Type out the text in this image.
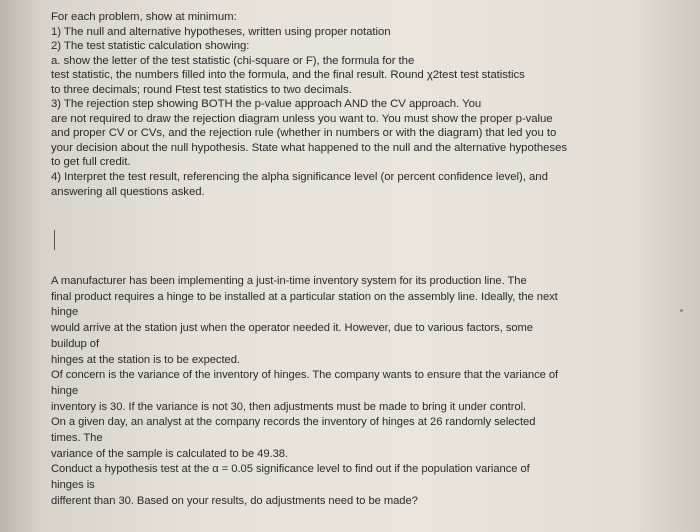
For each problem, show at minimum:
1) The null and alternative hypotheses, written using proper notation
2) The test statistic calculation showing:
a. show the letter of the test statistic (chi-square or F), the formula for the
test statistic, the numbers filled into the formula, and the final result. Round χ2test test statistics
to three decimals; round Ftest test statistics to two decimals.
3) The rejection step showing BOTH the p-value approach AND the CV approach. You
are not required to draw the rejection diagram unless you want to. You must show the proper p-value
and proper CV or CVs, and the rejection rule (whether in numbers or with the diagram) that led you to
your decision about the null hypothesis. State what happened to the null and the alternative hypotheses
to get full credit.
4) Interpret the test result, referencing the alpha significance level (or percent confidence level), and
answering all questions asked.
A manufacturer has been implementing a just-in-time inventory system for its production line. The
final product requires a hinge to be installed at a particular station on the assembly line. Ideally, the next
hinge
would arrive at the station just when the operator needed it. However, due to various factors, some
buildup of
hinges at the station is to be expected.
Of concern is the variance of the inventory of hinges. The company wants to ensure that the variance of
hinge
inventory is 30. If the variance is not 30, then adjustments must be made to bring it under control.
On a given day, an analyst at the company records the inventory of hinges at 26 randomly selected
times. The
variance of the sample is calculated to be 49.38.
Conduct a hypothesis test at the α = 0.05 significance level to find out if the population variance of
hinges is
different than 30. Based on your results, do adjustments need to be made?
